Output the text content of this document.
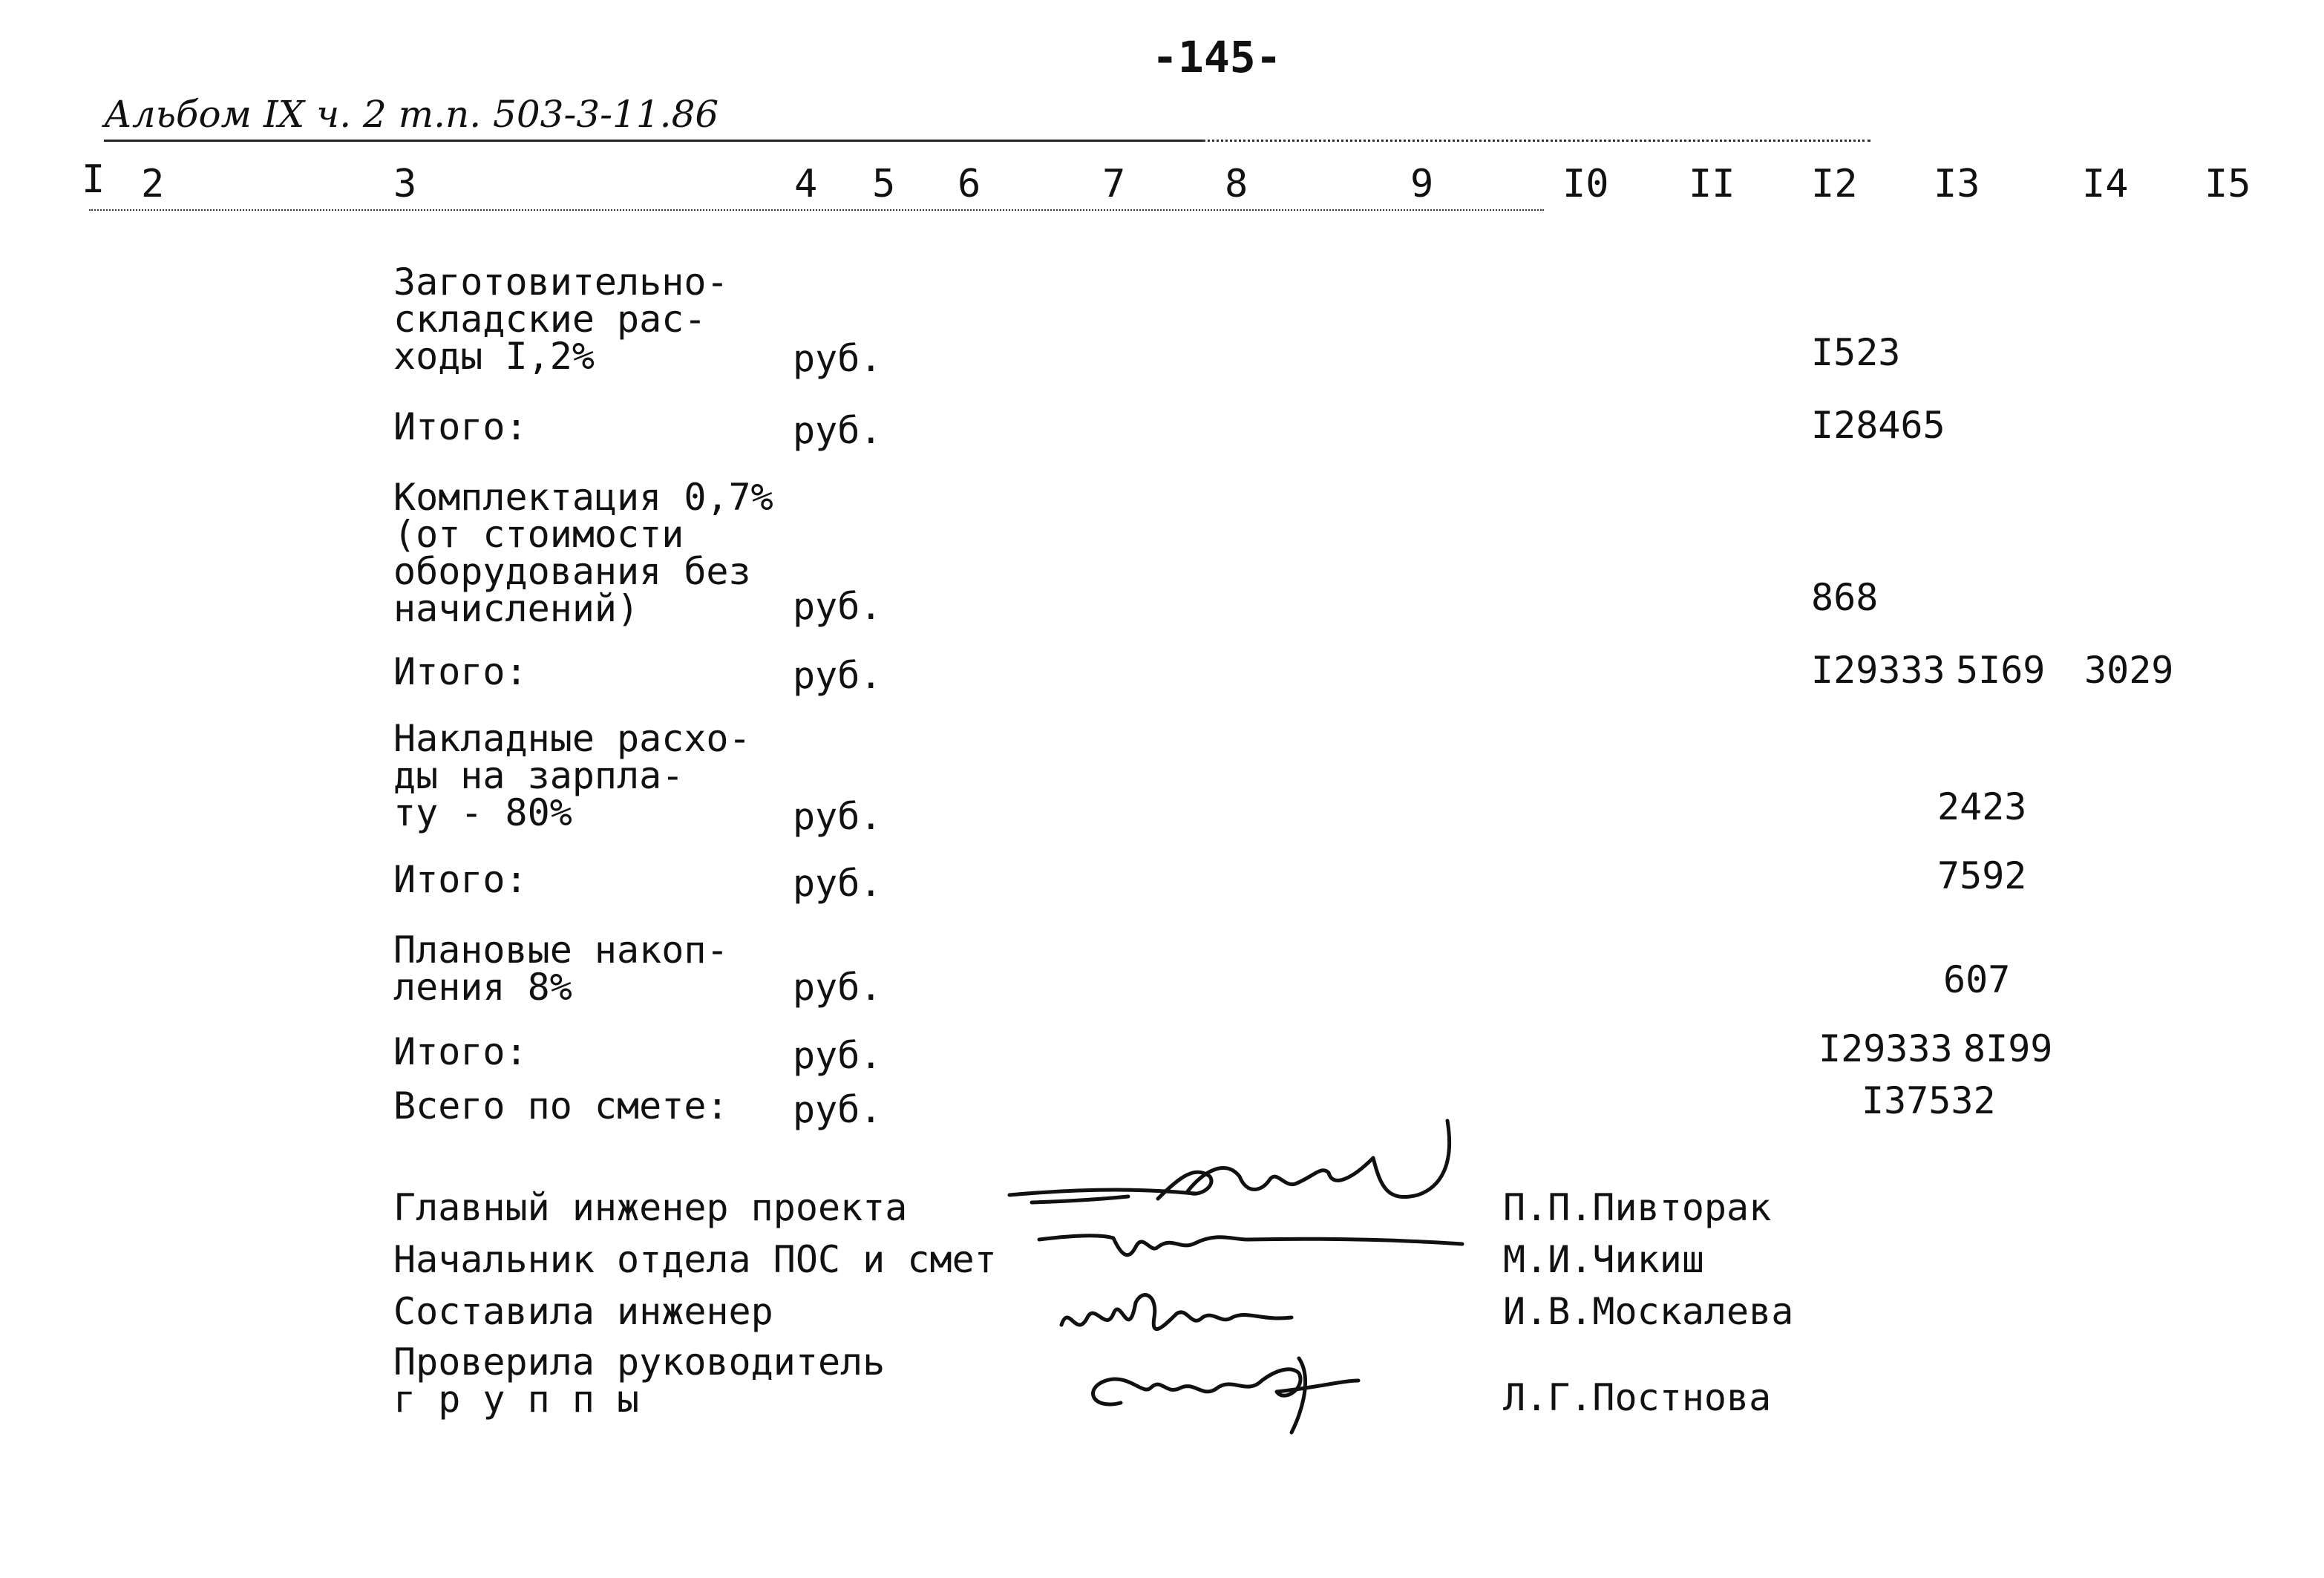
-145-
Альбом IX ч. 2 т.п. 503-3-11.86
I 2	3	4 5 6	7	8	9	I0 II I2 I3	I4 I5
Заготовительно-
складские рас-
ходы I,2%	руб.	I523
Итого:	руб.	I28465
Комплектация 0,7%
(от стоимости
оборудования без
начислений)	руб.	868
Итого:	руб.	I29333 5I69 3029
Накладные расхо-
ды на зарпла-
ту - 80%	руб.	2423
Итого:	руб.	7592
Плановые накоп-
ления 8%	руб.	607
Итого:	руб.	I29333 8I99
Всего по смете: руб.	I37532
Главный инженер проекта	П.П.Пивторак
Начальник отдела ПОС и смет	М.И.Чикиш
Составила инженер	И.В.Москалева
Проверила руководитель
г р у п п ы	Л.Г.Постнова
